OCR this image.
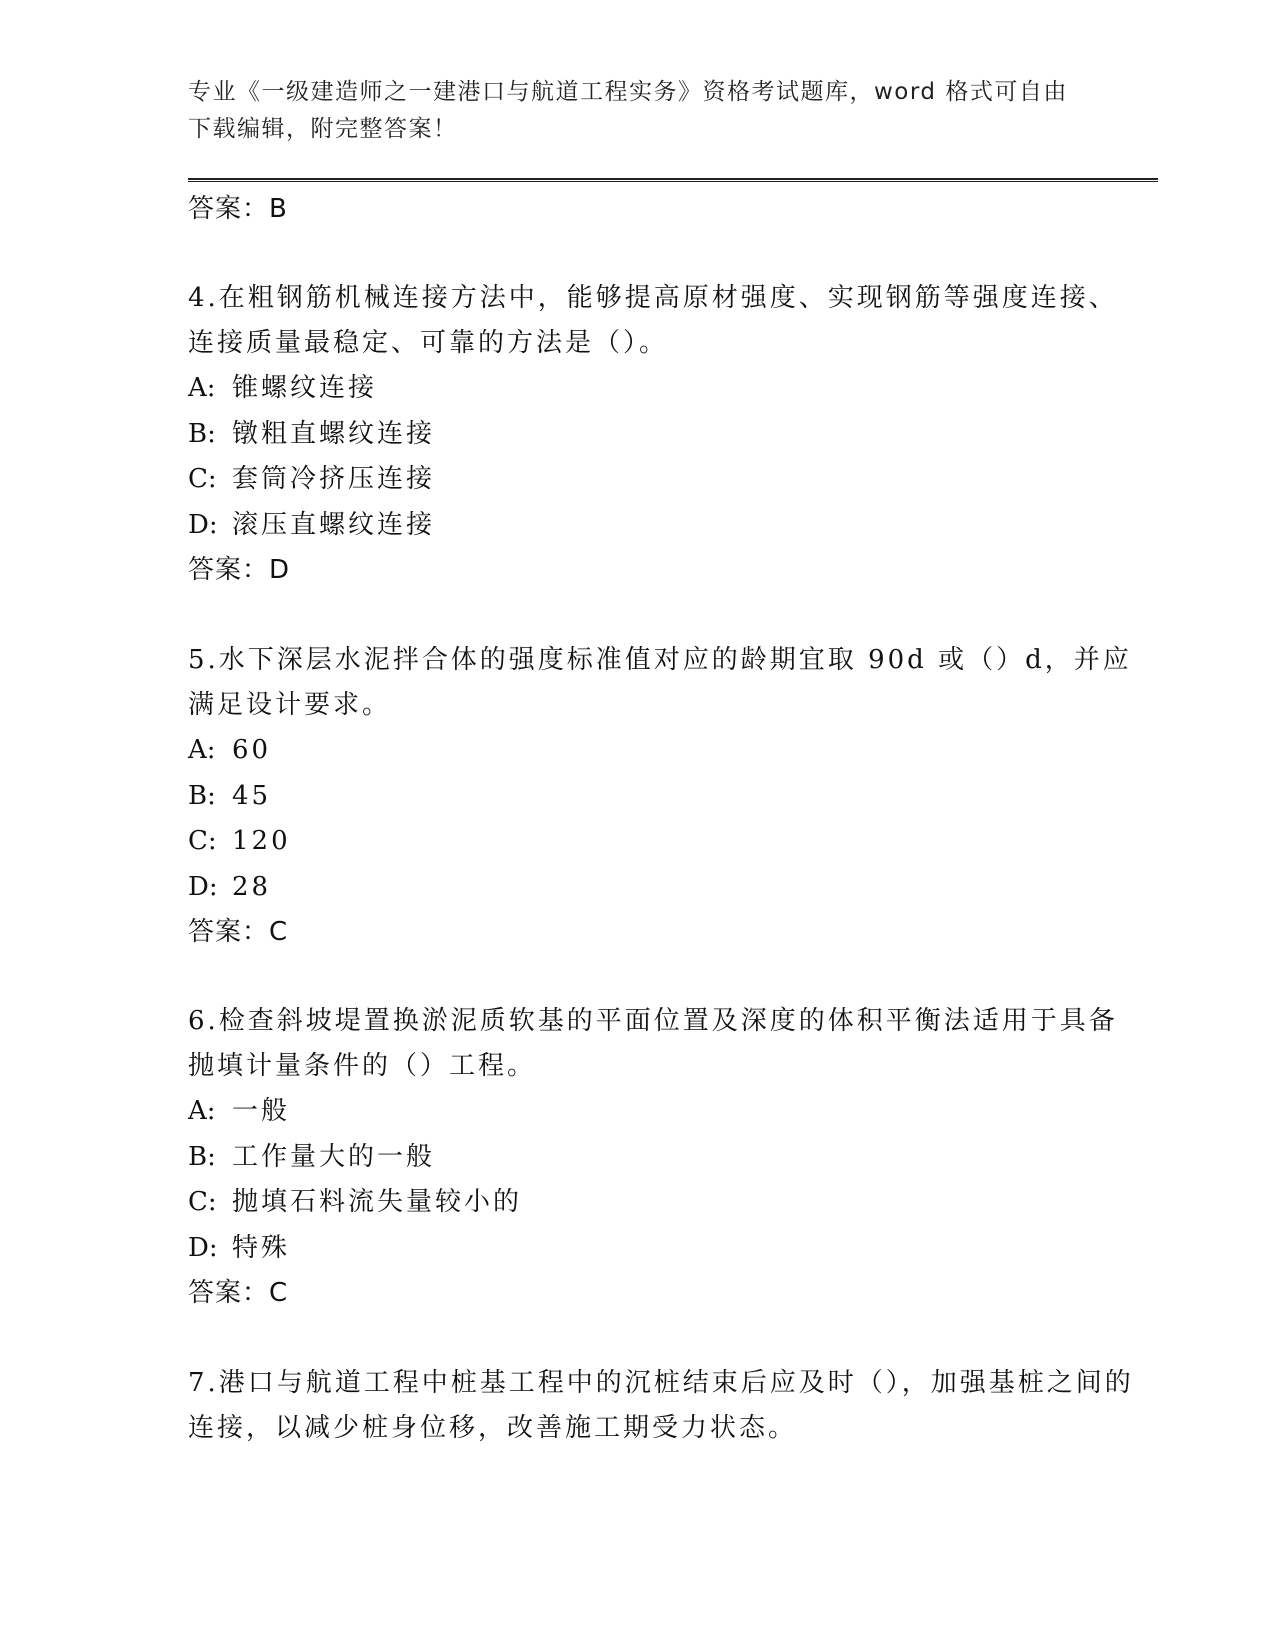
专业《一级建造师之一建港口与航道工程实务》资格考试题库，word 格式可自由
下载编辑，附完整答案！

答案：B

4.在粗钢筋机械连接方法中，能够提高原材强度、实现钢筋等强度连接、连接质量最稳定、可靠的方法是（）。

A: 锥螺纹连接

B: 镦粗直螺纹连接

C: 套筒冷挤压连接

D: 滚压直螺纹连接

答案：D

5.水下深层水泥拌合体的强度标准值对应的龄期宜取 90d 或（）d，并应满足设计要求。

A: 60

B: 45

C: 120

D: 28

答案：C

6.检查斜坡堤置换淤泥质软基的平面位置及深度的体积平衡法适用于具备抛填计量条件的（）工程。

A: 一般

B: 工作量大的一般

C: 抛填石料流失量较小的

D: 特殊

答案：C

7.港口与航道工程中桩基工程中的沉桩结束后应及时（），加强基桩之间的连接，以减少桩身位移，改善施工期受力状态。
